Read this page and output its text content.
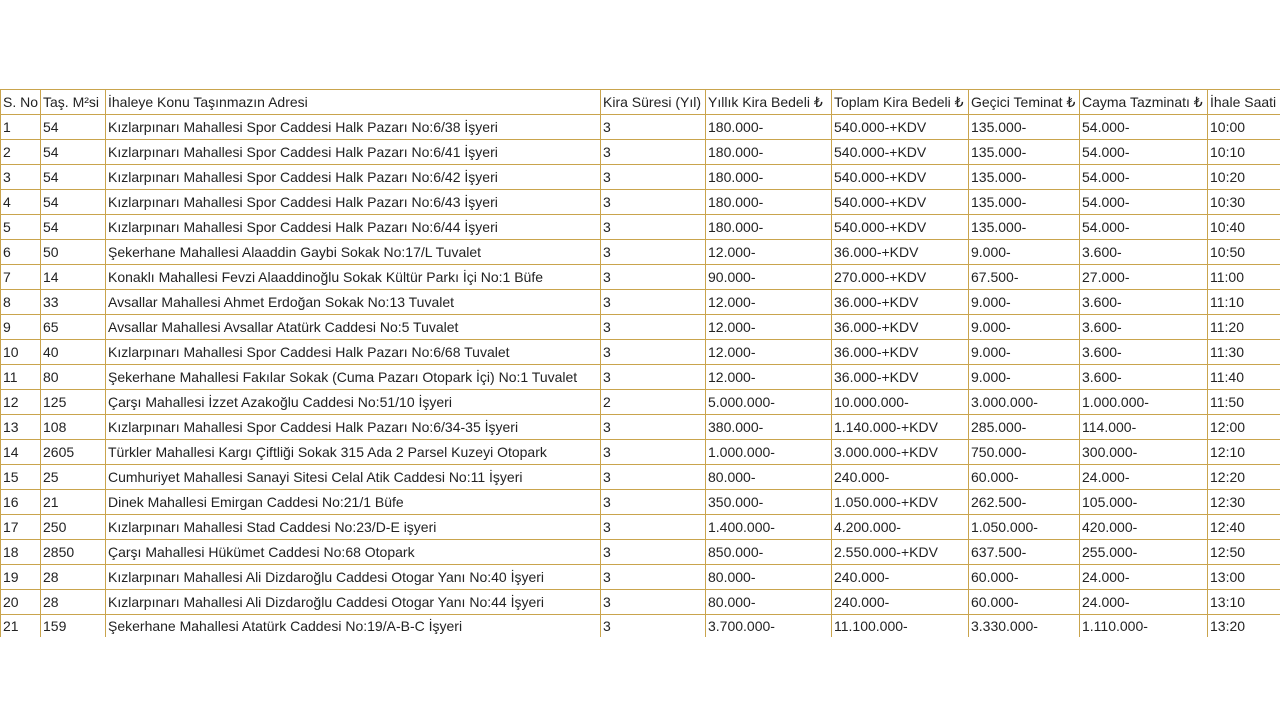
S. No	Taş. M²si	İhaleye Konu Taşınmazın Adresi	Kira Süresi (Yıl)	Yıllık Kira Bedeli ₺	Toplam Kira Bedeli ₺	Geçici Teminat ₺	Cayma Tazminatı ₺	İhale Saati
1	54	Kızlarpınarı Mahallesi Spor Caddesi Halk Pazarı No:6/38 İşyeri	3	180.000-	540.000-+KDV	135.000-	54.000-	10:00
2	54	Kızlarpınarı Mahallesi Spor Caddesi Halk Pazarı No:6/41 İşyeri	3	180.000-	540.000-+KDV	135.000-	54.000-	10:10
3	54	Kızlarpınarı Mahallesi Spor Caddesi Halk Pazarı No:6/42 İşyeri	3	180.000-	540.000-+KDV	135.000-	54.000-	10:20
4	54	Kızlarpınarı Mahallesi Spor Caddesi Halk Pazarı No:6/43 İşyeri	3	180.000-	540.000-+KDV	135.000-	54.000-	10:30
5	54	Kızlarpınarı Mahallesi Spor Caddesi Halk Pazarı No:6/44 İşyeri	3	180.000-	540.000-+KDV	135.000-	54.000-	10:40
6	50	Şekerhane Mahallesi Alaaddin Gaybi Sokak No:17/L Tuvalet	3	12.000-	36.000-+KDV	9.000-	3.600-	10:50
7	14	Konaklı Mahallesi Fevzi Alaaddinoğlu Sokak Kültür Parkı İçi No:1 Büfe	3	90.000-	270.000-+KDV	67.500-	27.000-	11:00
8	33	Avsallar Mahallesi Ahmet Erdoğan Sokak No:13 Tuvalet	3	12.000-	36.000-+KDV	9.000-	3.600-	11:10
9	65	Avsallar Mahallesi Avsallar Atatürk Caddesi No:5 Tuvalet	3	12.000-	36.000-+KDV	9.000-	3.600-	11:20
10	40	Kızlarpınarı Mahallesi Spor Caddesi Halk Pazarı No:6/68 Tuvalet	3	12.000-	36.000-+KDV	9.000-	3.600-	11:30
11	80	Şekerhane Mahallesi Fakılar Sokak (Cuma Pazarı Otopark İçi) No:1 Tuvalet	3	12.000-	36.000-+KDV	9.000-	3.600-	11:40
12	125	Çarşı Mahallesi İzzet Azakoğlu Caddesi No:51/10 İşyeri	2	5.000.000-	10.000.000-	3.000.000-	1.000.000-	11:50
13	108	Kızlarpınarı Mahallesi Spor Caddesi Halk Pazarı No:6/34-35 İşyeri	3	380.000-	1.140.000-+KDV	285.000-	114.000-	12:00
14	2605	Türkler Mahallesi Kargı Çiftliği Sokak 315 Ada 2 Parsel Kuzeyi Otopark	3	1.000.000-	3.000.000-+KDV	750.000-	300.000-	12:10
15	25	Cumhuriyet Mahallesi Sanayi Sitesi Celal Atik Caddesi No:11 İşyeri	3	80.000-	240.000-	60.000-	24.000-	12:20
16	21	Dinek Mahallesi Emirgan Caddesi No:21/1 Büfe	3	350.000-	1.050.000-+KDV	262.500-	105.000-	12:30
17	250	Kızlarpınarı Mahallesi Stad Caddesi No:23/D-E işyeri	3	1.400.000-	4.200.000-	1.050.000-	420.000-	12:40
18	2850	Çarşı Mahallesi Hükümet Caddesi No:68 Otopark	3	850.000-	2.550.000-+KDV	637.500-	255.000-	12:50
19	28	Kızlarpınarı Mahallesi Ali Dizdaroğlu Caddesi Otogar Yanı No:40 İşyeri	3	80.000-	240.000-	60.000-	24.000-	13:00
20	28	Kızlarpınarı Mahallesi Ali Dizdaroğlu Caddesi Otogar Yanı No:44 İşyeri	3	80.000-	240.000-	60.000-	24.000-	13:10
21	159	Şekerhane Mahallesi Atatürk Caddesi No:19/A-B-C İşyeri	3	3.700.000-	11.100.000-	3.330.000-	1.110.000-	13:20
